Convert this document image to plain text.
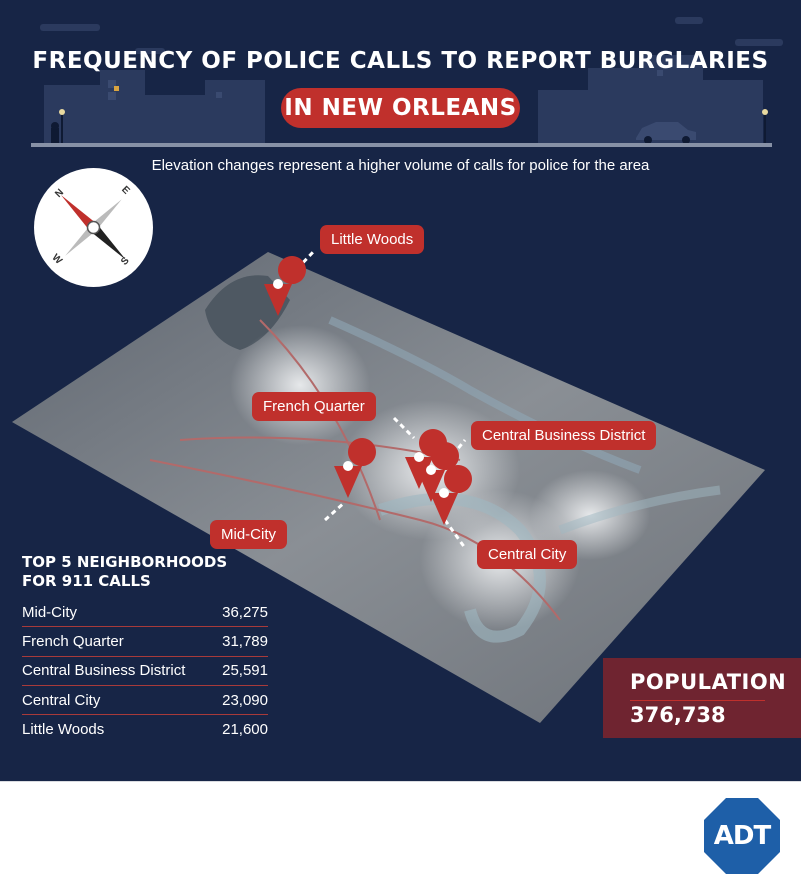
FREQUENCY OF POLICE CALLS TO REPORT BURGLARIES
IN NEW ORLEANS
Elevation changes represent a higher volume of calls for police for the area
N	E
S
W
Little Woods
French Quarter
Central Business District
Mid-City
Central City
TOP 5 NEIGHBORHOODS
FOR 911 CALLS
Mid-City	36,275
French Quarter	31,789
Central Business District 25,591
Central City	23,090
Little Woods	21,600
POPULATION
376,738
ADT
